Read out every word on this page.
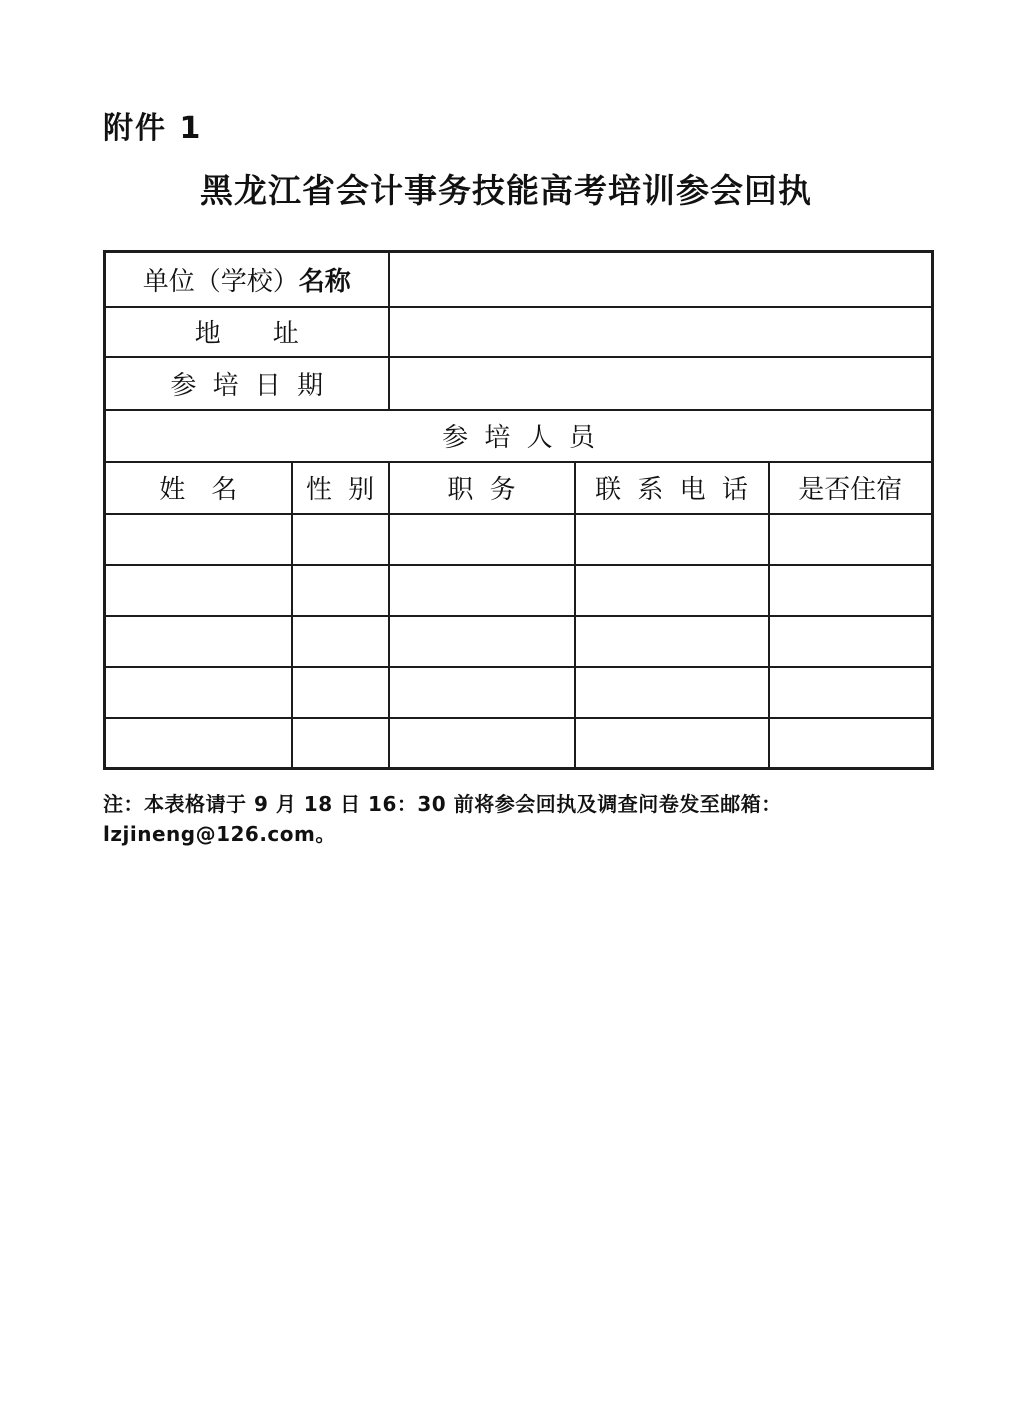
附件 1
黑龙江省会计事务技能高考培训参会回执
单位（学校）名称				
地　　址				
参 培 日 期				
参 培 人 员				
姓　名	性 别	职 务	联 系 电 话	是否住宿

注：本表格请于 9 月 18 日 16：30 前将参会回执及调查问卷发至邮箱：lzjineng@126.com。
